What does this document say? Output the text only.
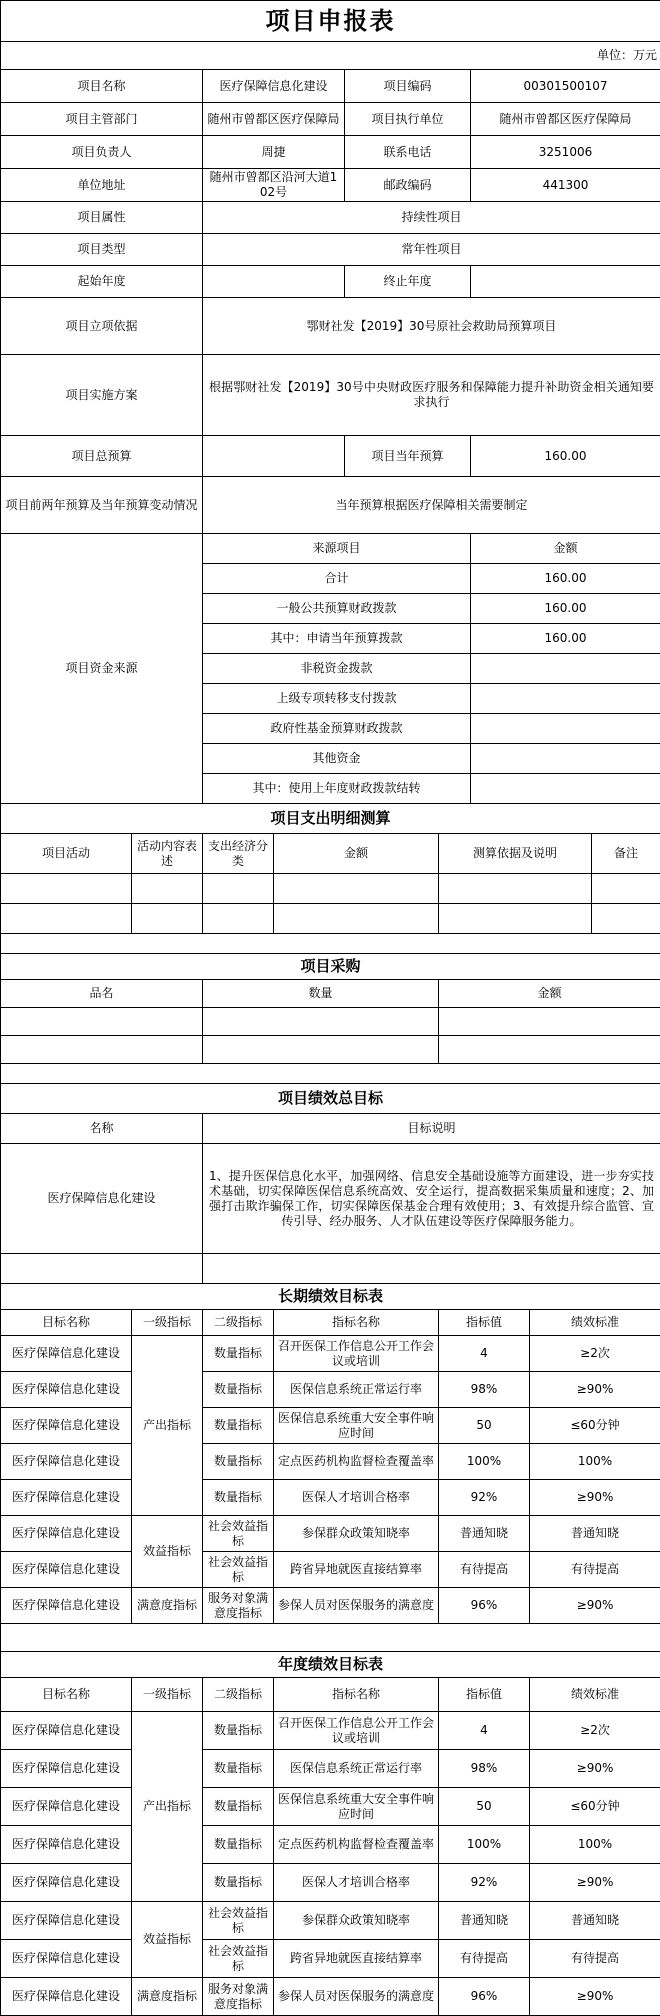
项目申报表								
单位：万元								
项目名称		医疗保障信息化建设		项目编码		00301500107		
项目主管部门		随州市曾都区医疗保障局		项目执行单位		随州市曾都区医疗保障局		
项目负责人		周捷		联系电话		3251006		
单位地址		随州市曾都区沿河大道102号		邮政编码		441300		
项目属性		持续性项目						
项目类型		常年性项目						
起始年度				终止年度				
项目立项依据		鄂财社发【2019】30号原社会救助局预算项目						
项目实施方案		根据鄂财社发【2019】30号中央财政医疗服务和保障能力提升补助资金相关通知要求执行						
项目总预算				项目当年预算		160.00		
项目前两年预算及当年预算变动情况		当年预算根据医疗保障相关需要制定						
项目资金来源		来源项目				金额		
		合计				160.00		
		一般公共预算财政拨款				160.00		
		其中：申请当年预算拨款				160.00		
		非税资金拨款						
		上级专项转移支付拨款						
		政府性基金预算财政拨款						
		其他资金						
		其中：使用上年度财政拨款结转						
项目支出明细测算								
项目活动	活动内容表述	支出经济分类	金额		测算依据及说明			备注

项目采购								
品名		数量			金额			

项目绩效总目标								
名称		目标说明						
医疗保障信息化建设		1、提升医保信息化水平，加强网络、信息安全基础设施等方面建设，进一步夯实技术基础，切实保障医保信息系统高效、安全运行，提高数据采集质量和速度；2、加强打击欺诈骗保工作，切实保障医保基金合理有效使用；3、有效提升综合监管、宣传引导、经办服务、人才队伍建设等医疗保障服务能力。						

长期绩效目标表								
目标名称	一级指标	二级指标	指标名称		指标值		绩效标准	
医疗保障信息化建设	产出指标	数量指标	召开医保工作信息公开工作会议或培训		4		≥2次	
医疗保障信息化建设		数量指标	医保信息系统正常运行率		98%		≥90%	
医疗保障信息化建设		数量指标	医保信息系统重大安全事件响应时间		50		≤60分钟	
医疗保障信息化建设		数量指标	定点医药机构监督检查覆盖率		100%		100%	
医疗保障信息化建设		数量指标	医保人才培训合格率		92%		≥90%	
医疗保障信息化建设	效益指标	社会效益指标	参保群众政策知晓率		普通知晓		普通知晓	
医疗保障信息化建设		社会效益指标	跨省异地就医直接结算率		有待提高		有待提高	
医疗保障信息化建设	满意度指标	服务对象满意度指标	参保人员对医保服务的满意度		96%		≥90%	

年度绩效目标表								
目标名称	一级指标	二级指标	指标名称		指标值		绩效标准	
医疗保障信息化建设	产出指标	数量指标	召开医保工作信息公开工作会议或培训		4		≥2次	
医疗保障信息化建设		数量指标	医保信息系统正常运行率		98%		≥90%	
医疗保障信息化建设		数量指标	医保信息系统重大安全事件响应时间		50		≤60分钟	
医疗保障信息化建设		数量指标	定点医药机构监督检查覆盖率		100%		100%	
医疗保障信息化建设		数量指标	医保人才培训合格率		92%		≥90%	
医疗保障信息化建设	效益指标	社会效益指标	参保群众政策知晓率		普通知晓		普通知晓	
医疗保障信息化建设		社会效益指标	跨省异地就医直接结算率		有待提高		有待提高	
医疗保障信息化建设	满意度指标	服务对象满意度指标	参保人员对医保服务的满意度		96%		≥90%	
